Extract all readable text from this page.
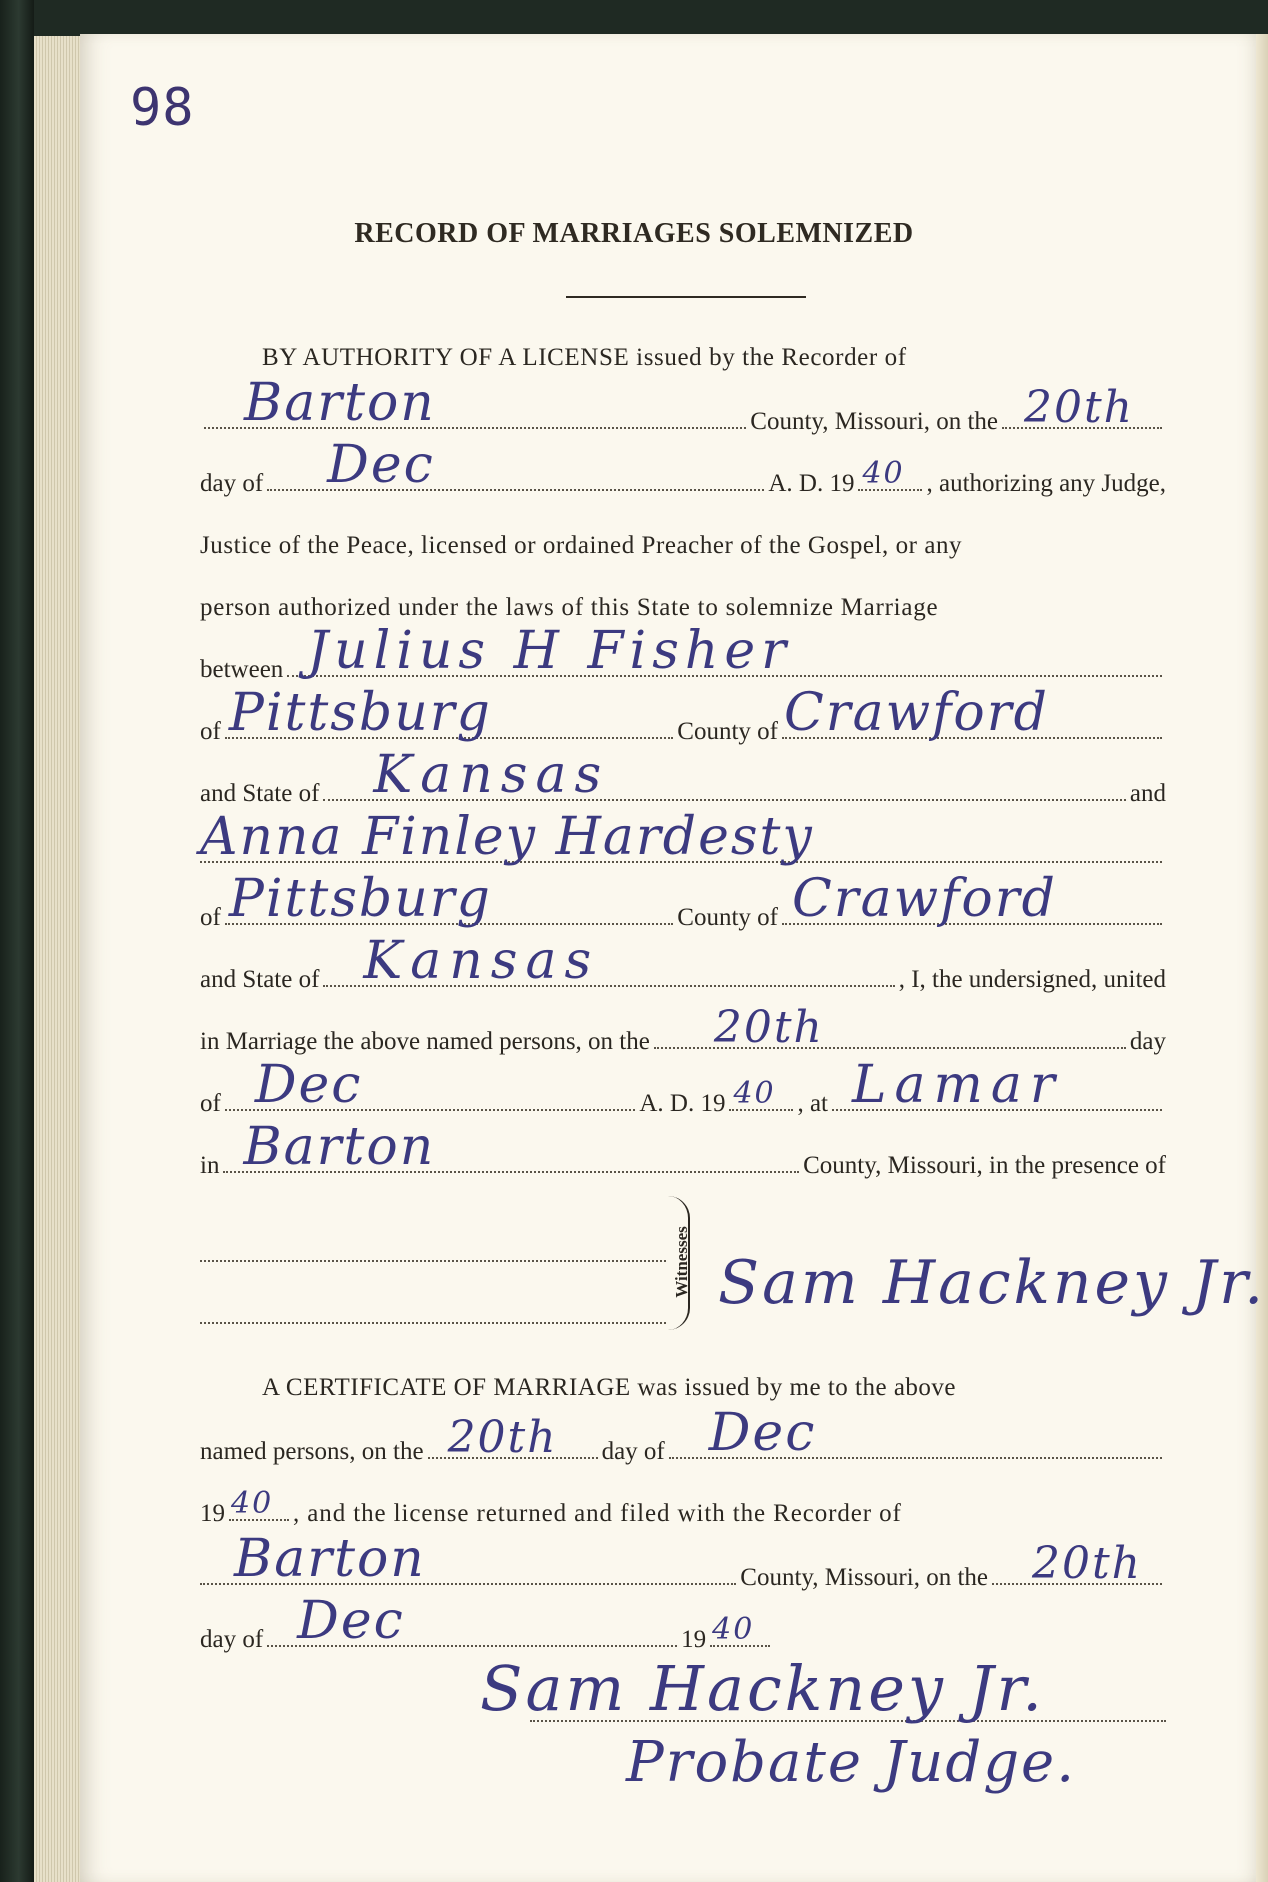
98
RECORD OF MARRIAGES SOLEMNIZED
BY AUTHORITY OF A LICENSE issued by the Recorder of
Barton	County, Missouri, on the 20th
day of Dec	A. D. 19 40 , authorizing any Judge,
Justice of the Peace, licensed or ordained Preacher of the Gospel, or any
person authorized under the laws of this State to solemnize Marriage
between Julius H Fisher
of Pittsburg	County of Crawford
and State of Kansas	and
Anna Finley Hardesty
of Pittsburg	County of Crawford
and State of Kansas	, I, the undersigned, united
in Marriage the above named persons, on the 20th	day
of Dec	A. D. 19 40 , at Lamar
in Barton	County, Missouri, in the presence of
Witnesses Sam Hackney Jr.
A CERTIFICATE OF MARRIAGE was issued by me to the above
named persons, on the 20th day of Dec
19 40 , and the license returned and filed with the Recorder of
Barton	County, Missouri, on the 20th
day of Dec	19 40
Sam Hackney Jr.
Probate Judge.
